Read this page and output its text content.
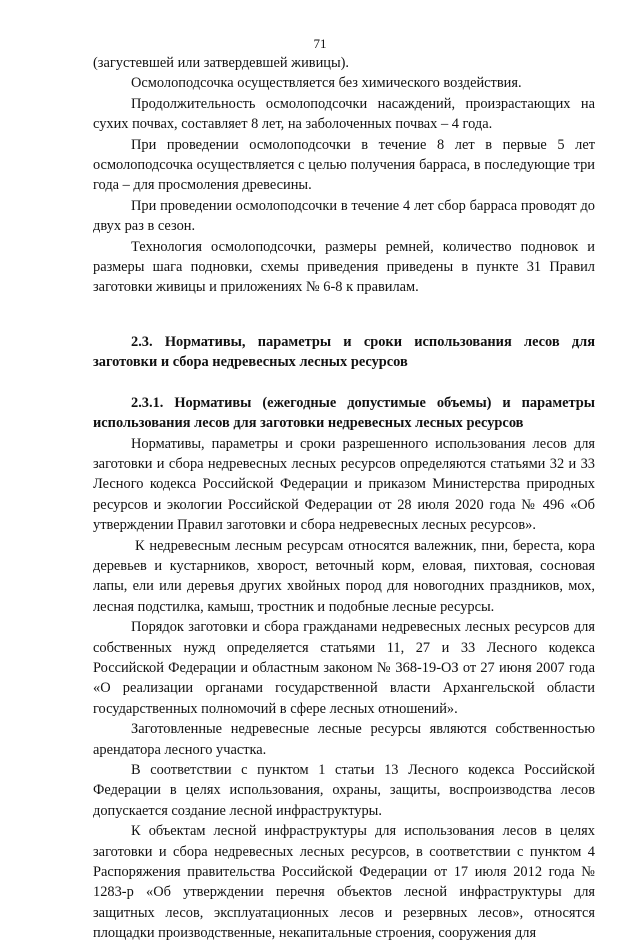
71

(загустевшей или затвердевшей живицы).

Осмолоподсочка осуществляется без химического воздействия.

Продолжительность осмолоподсочки насаждений, произрастающих на сухих почвах, составляет 8 лет, на заболоченных почвах – 4 года.

При проведении осмолоподсочки в течение 8 лет в первые 5 лет осмолоподсочка осуществляется с целью получения барраса, в последующие три года – для просмоления древесины.

При проведении осмолоподсочки в течение 4 лет сбор барраса проводят до двух раз в сезон.

Технология осмолоподсочки, размеры ремней, количество подновок и размеры шага подновки, схемы приведения приведены в пункте 31 Правил заготовки живицы и приложениях № 6-8 к правилам.

2.3. Нормативы, параметры и сроки использования лесов для заготовки и сбора недревесных лесных ресурсов

2.3.1. Нормативы (ежегодные допустимые объемы) и параметры использования лесов для заготовки недревесных лесных ресурсов

Нормативы, параметры и сроки разрешенного использования лесов для заготовки и сбора недревесных лесных ресурсов определяются статьями 32 и 33 Лесного кодекса Российской Федерации и приказом Министерства природных ресурсов и экологии Российской Федерации от 28 июля 2020 года № 496 «Об утверждении Правил заготовки и сбора недревесных лесных ресурсов».

К недревесным лесным ресурсам относятся валежник, пни, береста, кора деревьев и кустарников, хворост, веточный корм, еловая, пихтовая, сосновая лапы, ели или деревья других хвойных пород для новогодних праздников, мох, лесная подстилка, камыш, тростник и подобные лесные ресурсы.

Порядок заготовки и сбора гражданами недревесных лесных ресурсов для собственных нужд определяется статьями 11, 27 и 33 Лесного кодекса Российской Федерации и областным законом № 368-19-ОЗ от 27 июня 2007 года «О реализации органами государственной власти Архангельской области государственных полномочий в сфере лесных отношений».

Заготовленные недревесные лесные ресурсы являются собственностью арендатора лесного участка.

В соответствии с пунктом 1 статьи 13 Лесного кодекса Российской Федерации в целях использования, охраны, защиты, воспроизводства лесов допускается создание лесной инфраструктуры.

К объектам лесной инфраструктуры для использования лесов в целях заготовки и сбора недревесных лесных ресурсов, в соответствии с пунктом 4 Распоряжения правительства Российской Федерации от 17 июля 2012 года № 1283-р «Об утверждении перечня объектов лесной инфраструктуры для защитных лесов, эксплуатационных лесов и резервных лесов», относятся площадки производственные, некапитальные строения, сооружения для
